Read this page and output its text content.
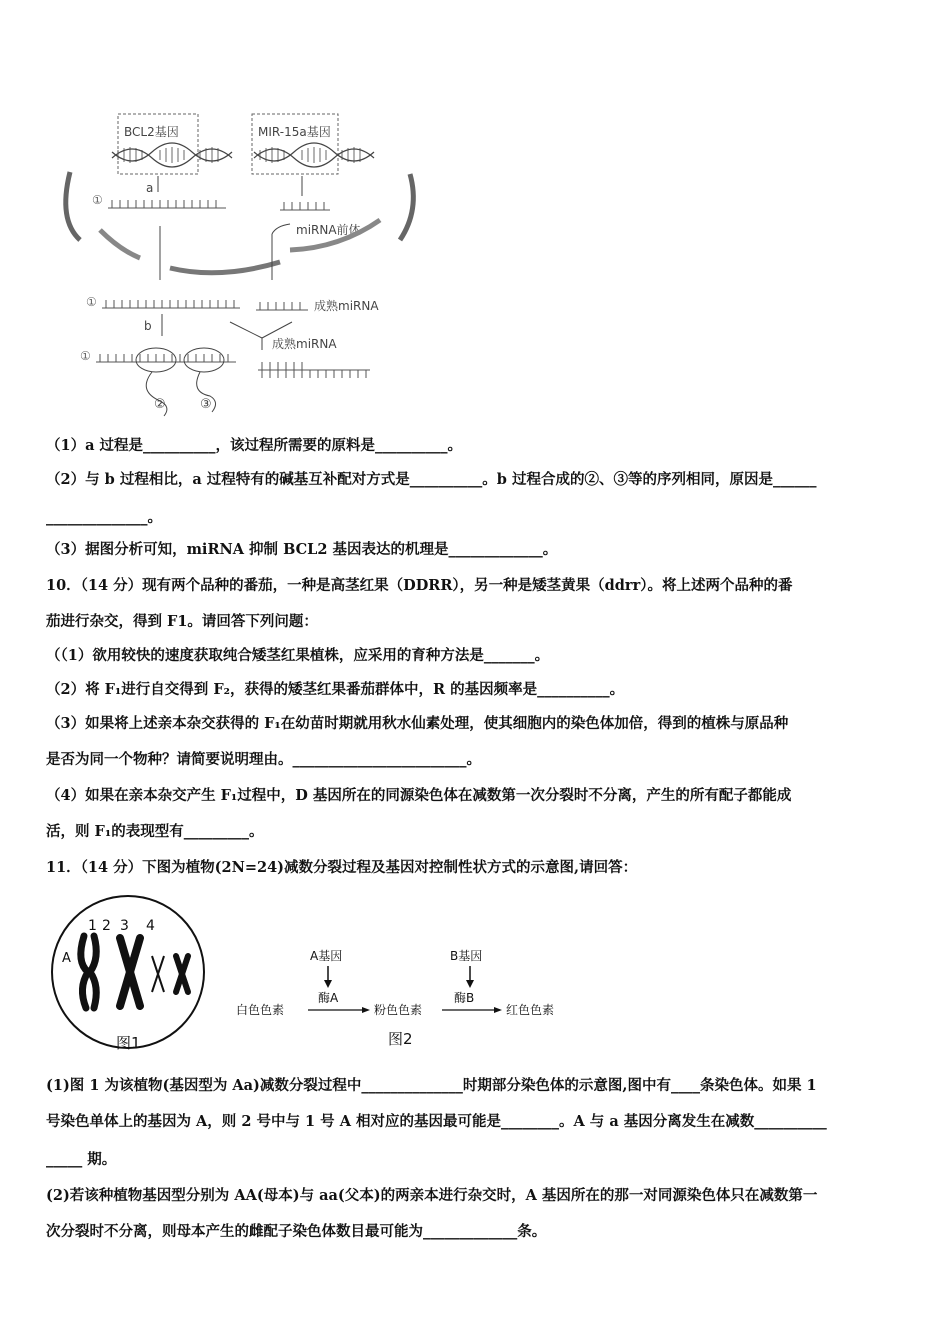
BCL2基因	MIR-15a基因
a
①
miRNA前体
①	成熟miRNA
b
成熟miRNA
①
②	③
（1）a 过程是__________，该过程所需要的原料是__________。
（2）与 b 过程相比，a 过程特有的碱基互补配对方式是__________。b 过程合成的②、③等的序列相同，原因是______
______________。
（3）据图分析可知，miRNA 抑制 BCL2 基因表达的机理是_____________。
10．（14 分）现有两个品种的番茄，一种是高茎红果（DDRR），另一种是矮茎黄果（ddrr）。将上述两个品种的番
茄进行杂交，得到 F1。请回答下列问题：
（（1）欲用较快的速度获取纯合矮茎红果植株，应采用的育种方法是_______。
（2）将 F₁进行自交得到 F₂，获得的矮茎红果番茄群体中，R 的基因频率是__________。
（3）如果将上述亲本杂交获得的 F₁在幼苗时期就用秋水仙素处理，使其细胞内的染色体加倍，得到的植株与原品种
是否为同一个物种？请简要说明理由。________________________。
（4）如果在亲本杂交产生 F₁过程中，D 基因所在的同源染色体在减数第一次分裂时不分离，产生的所有配子都能成
活，则 F₁的表现型有_________。
11．（14 分）下图为植物(2N=24)减数分裂过程及基因对控制性状方式的示意图,请回答：
1 2 3 4
A
图1
A基因	B基因
酶A	酶B
白色色素	粉色色素	红色色素
图2
(1)图 1 为该植物(基因型为 Aa)减数分裂过程中______________时期部分染色体的示意图,图中有____条染色体。如果 1
号染色单体上的基因为 A，则 2 号中与 1 号 A 相对应的基因最可能是________。A 与 a 基因分离发生在减数__________
_____ 期。
(2)若该种植物基因型分别为 AA(母本)与 aa(父本)的两亲本进行杂交时，A 基因所在的那一对同源染色体只在减数第一
次分裂时不分离，则母本产生的雌配子染色体数目最可能为_____________条。
